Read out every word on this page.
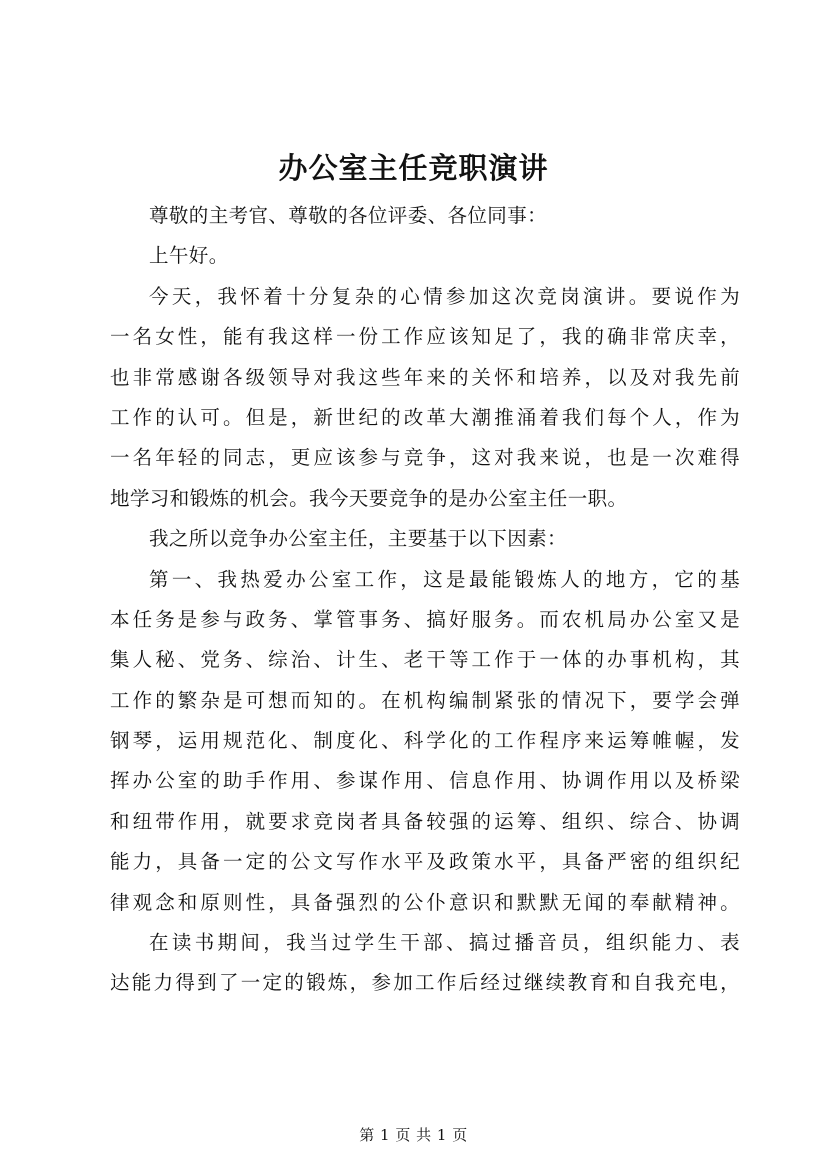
办公室主任竞职演讲
尊敬的主考官、尊敬的各位评委、各位同事：
上午好。
今天，我怀着十分复杂的心情参加这次竞岗演讲。要说作为
一名女性，能有我这样一份工作应该知足了，我的确非常庆幸，
也非常感谢各级领导对我这些年来的关怀和培养，以及对我先前
工作的认可。但是，新世纪的改革大潮推涌着我们每个人，作为
一名年轻的同志，更应该参与竞争，这对我来说，也是一次难得
地学习和锻炼的机会。我今天要竞争的是办公室主任一职。
我之所以竞争办公室主任，主要基于以下因素：
第一、我热爱办公室工作，这是最能锻炼人的地方，它的基
本任务是参与政务、掌管事务、搞好服务。而农机局办公室又是
集人秘、党务、综治、计生、老干等工作于一体的办事机构，其
工作的繁杂是可想而知的。在机构编制紧张的情况下，要学会弹
钢琴，运用规范化、制度化、科学化的工作程序来运筹帷幄，发
挥办公室的助手作用、参谋作用、信息作用、协调作用以及桥梁
和纽带作用，就要求竞岗者具备较强的运筹、组织、综合、协调
能力，具备一定的公文写作水平及政策水平，具备严密的组织纪
律观念和原则性，具备强烈的公仆意识和默默无闻的奉献精神。
在读书期间，我当过学生干部、搞过播音员，组织能力、表
达能力得到了一定的锻炼，参加工作后经过继续教育和自我充电，
第 1 页 共 1 页
